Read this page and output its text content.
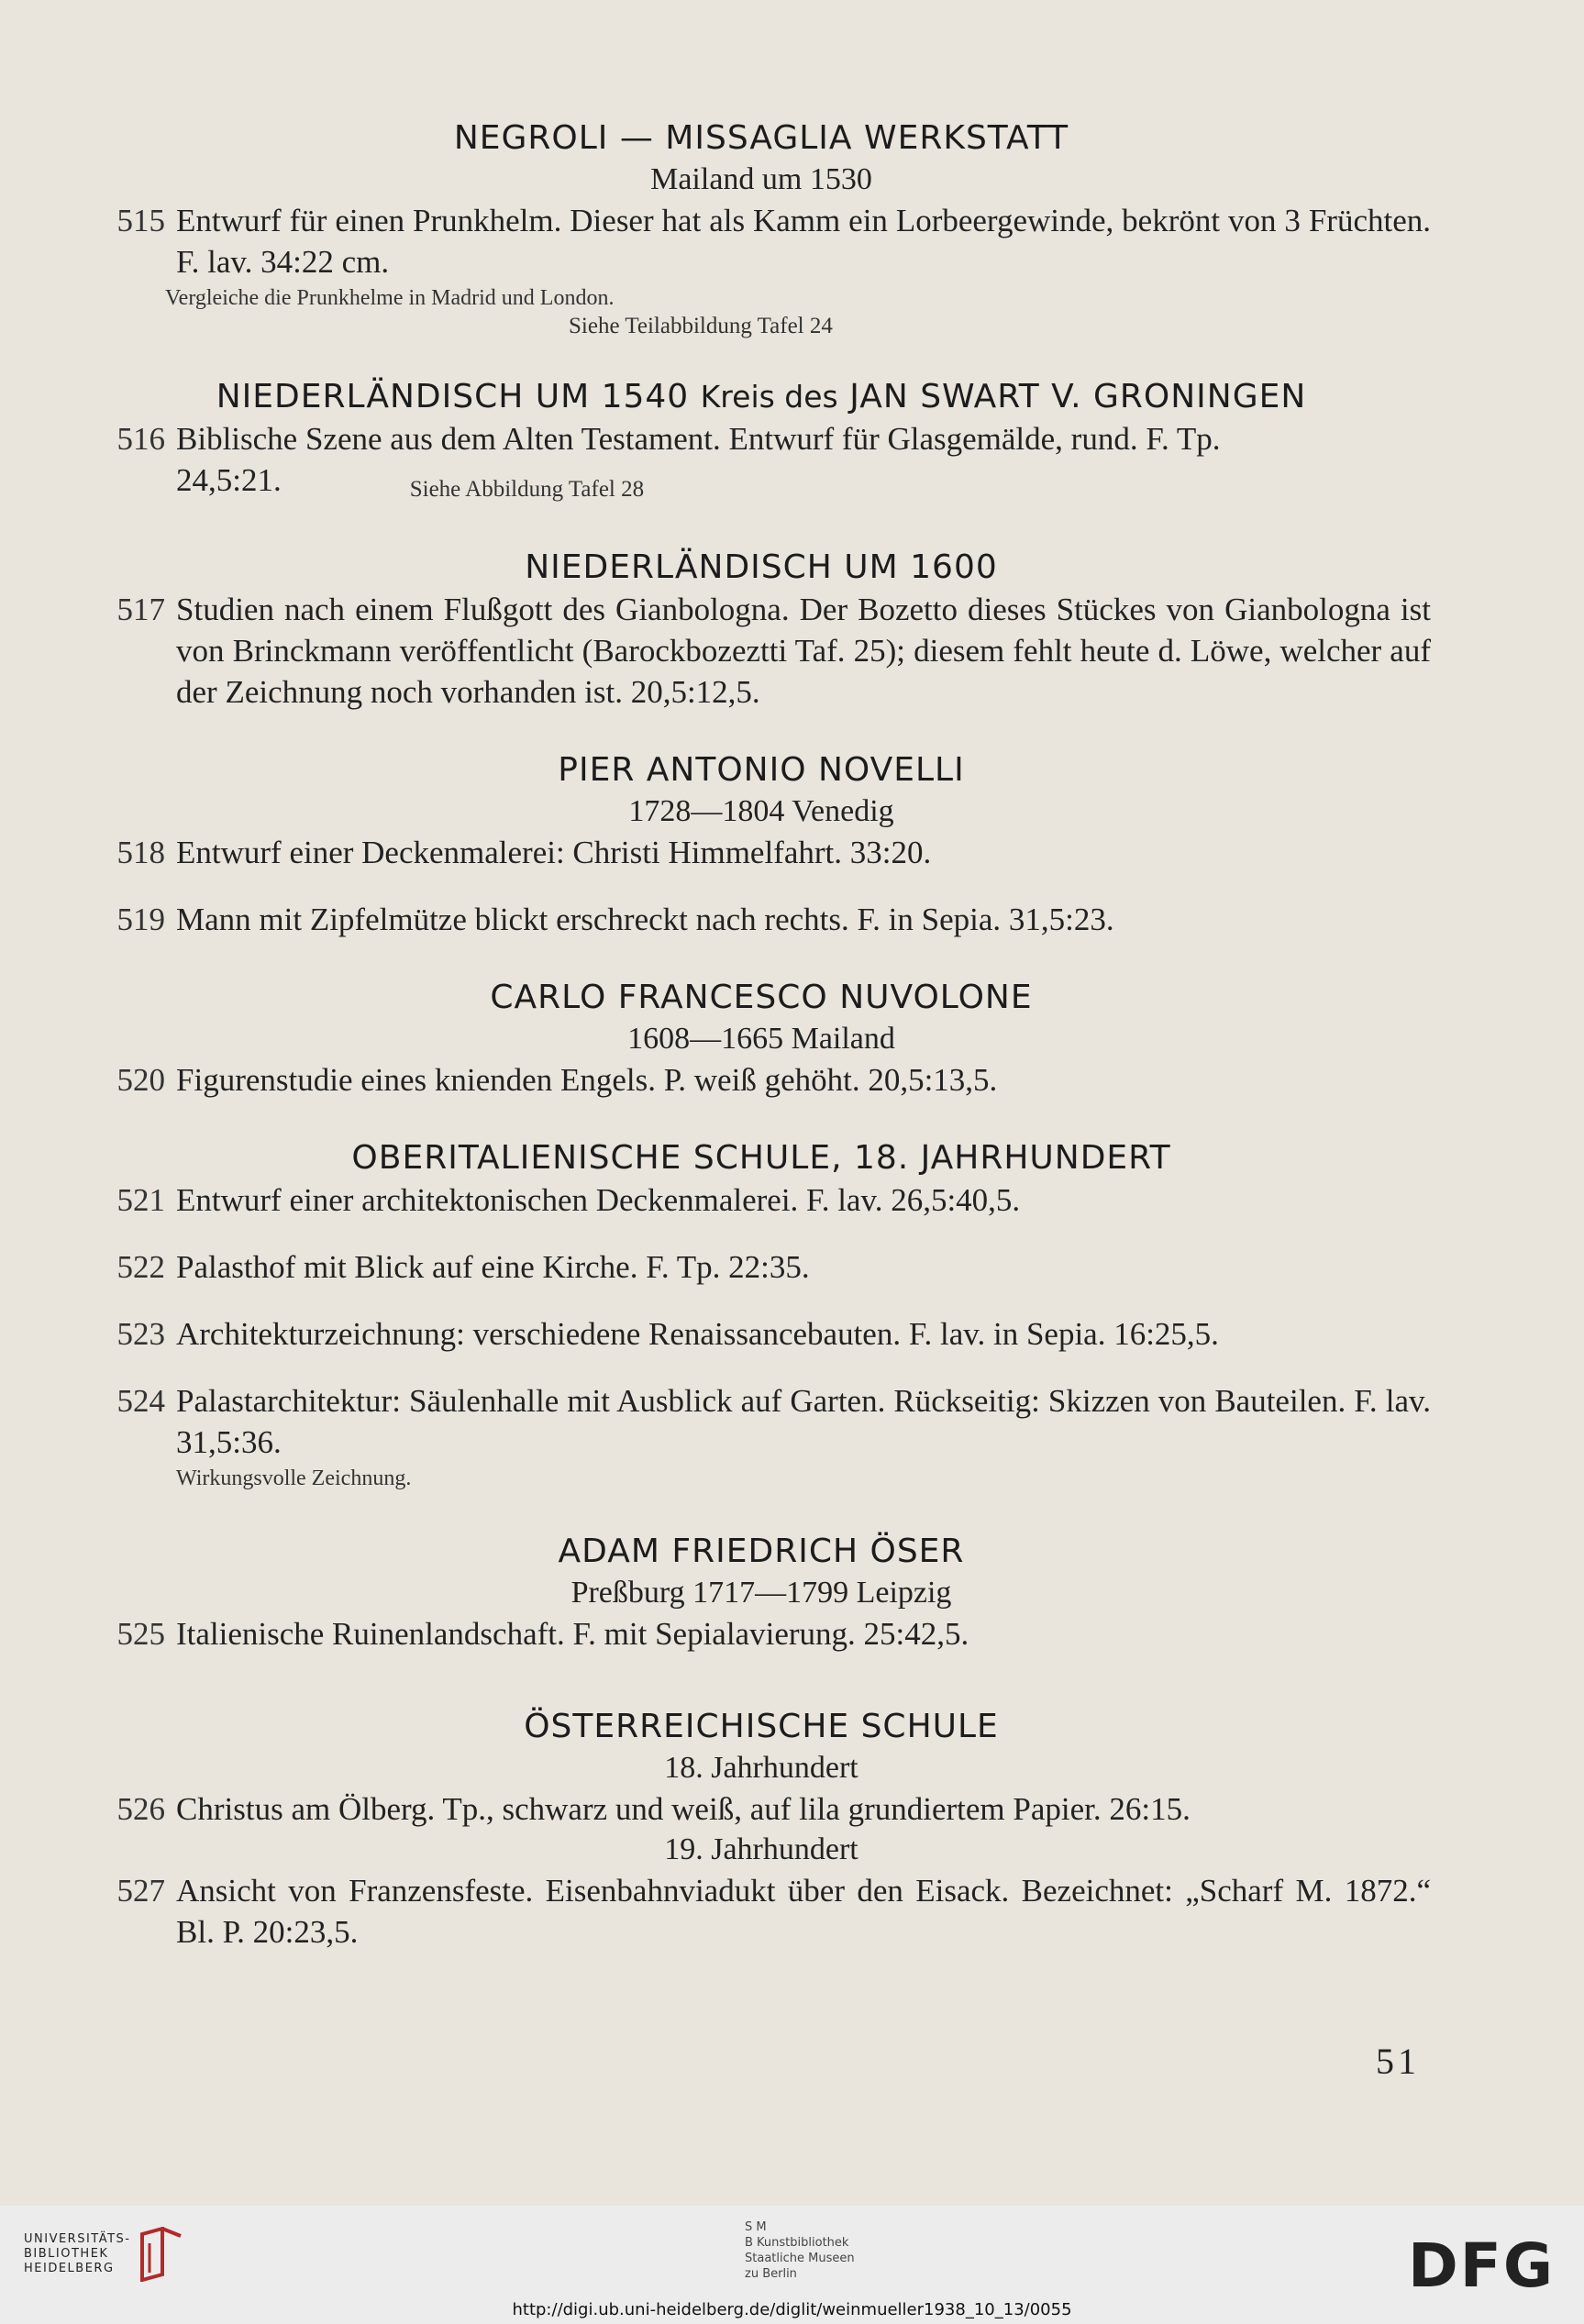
NEGROLI — MISSAGLIA WERKSTATT
Mailand um 1530
515 Entwurf für einen Prunkhelm. Dieser hat als Kamm ein Lorbeergewinde, bekrönt von 3 Früchten. F. lav. 34:22 cm.
Vergleiche die Prunkhelme in Madrid und London.
Siehe Teilabbildung Tafel 24
NIEDERLÄNDISCH UM 1540 Kreis des JAN SWART V. GRONINGEN
516 Biblische Szene aus dem Alten Testament. Entwurf für Glasgemälde, rund. F. Tp.
24,5:21.	Siehe Abbildung Tafel 28
NIEDERLÄNDISCH UM 1600
517 Studien nach einem Flußgott des Gianbologna. Der Bozetto dieses Stückes von Gianbologna ist von Brinckmann veröffentlicht (Barockbozeztti Taf. 25); diesem fehlt heute d. Löwe, welcher auf der Zeichnung noch vorhanden ist. 20,5:12,5.
PIER ANTONIO NOVELLI
1728—1804 Venedig
518 Entwurf einer Deckenmalerei: Christi Himmelfahrt. 33:20.
519 Mann mit Zipfelmütze blickt erschreckt nach rechts. F. in Sepia. 31,5:23.
CARLO FRANCESCO NUVOLONE
1608—1665 Mailand
520 Figurenstudie eines knienden Engels. P. weiß gehöht. 20,5:13,5.
OBERITALIENISCHE SCHULE, 18. JAHRHUNDERT
521 Entwurf einer architektonischen Deckenmalerei. F. lav. 26,5:40,5.
522 Palasthof mit Blick auf eine Kirche. F. Tp. 22:35.
523 Architekturzeichnung: verschiedene Renaissancebauten. F. lav. in Sepia. 16:25,5.
524 Palastarchitektur: Säulenhalle mit Ausblick auf Garten. Rückseitig: Skizzen von Bauteilen. F. lav. 31,5:36.
Wirkungsvolle Zeichnung.
ADAM FRIEDRICH ÖSER
Preßburg 1717—1799 Leipzig
525 Italienische Ruinenlandschaft. F. mit Sepialavierung. 25:42,5.
ÖSTERREICHISCHE SCHULE
18. Jahrhundert
526 Christus am Ölberg. Tp., schwarz und weiß, auf lila grundiertem Papier. 26:15.
19. Jahrhundert
527 Ansicht von Franzensfeste. Eisenbahnviadukt über den Eisack. Bezeichnet: „Scharf M. 1872.“ Bl. P. 20:23,5.
51
UNIVERSITÄTS-
BIBLIOTHEK
HEIDELBERG
S M
B Kunstbibliothek
Staatliche Museen
zu Berlin	DFG
http://digi.ub.uni-heidelberg.de/diglit/weinmueller1938_10_13/0055
